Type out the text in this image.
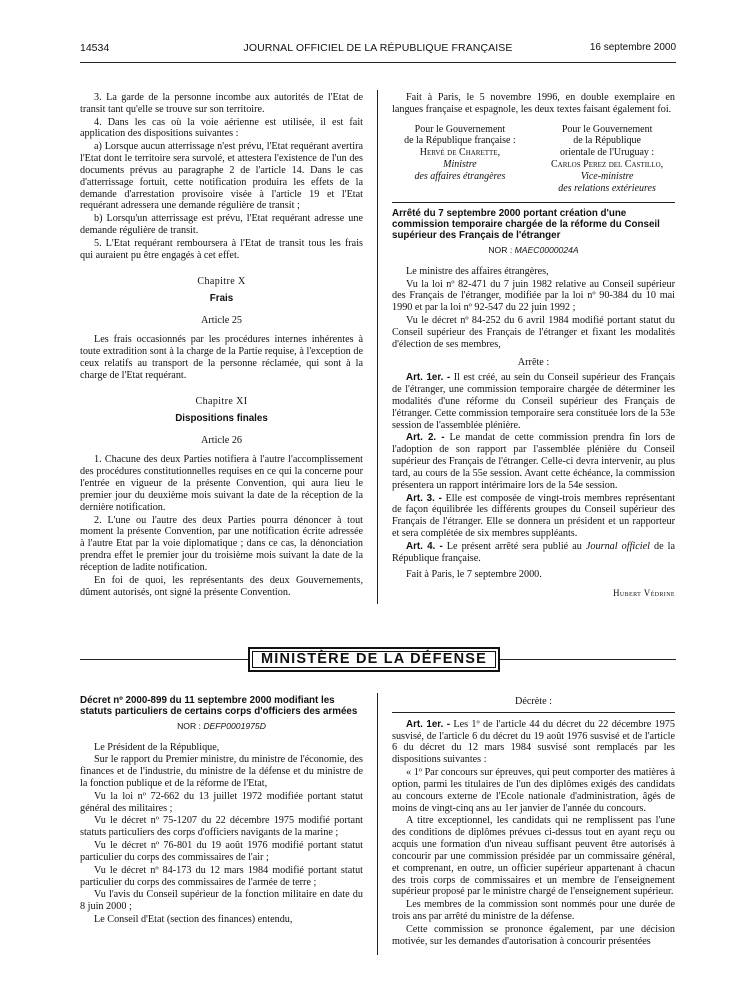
14534	JOURNAL OFFICIEL DE LA RÉPUBLIQUE FRANÇAISE	16 septembre 2000

3. La garde de la personne incombe aux autorités de l'Etat de transit tant qu'elle se trouve sur son territoire.

4. Dans les cas où la voie aérienne est utilisée, il est fait application des dispositions suivantes :

a) Lorsque aucun atterrissage n'est prévu, l'Etat requérant avertira l'Etat dont le territoire sera survolé, et attestera l'existence de l'un des documents prévus au paragraphe 2 de l'article 14. Dans le cas d'atterrissage fortuit, cette notification produira les effets de la demande d'arrestation provisoire visée à l'article 19 et l'Etat requérant adressera une demande régulière de transit ;

b) Lorsqu'un atterrissage est prévu, l'Etat requérant adresse une demande régulière de transit.

5. L'Etat requérant remboursera à l'Etat de transit tous les frais qui auraient pu être engagés à cet effet.

Chapitre X
Frais
Article 25

Les frais occasionnés par les procédures internes inhérentes à toute extradition sont à la charge de la Partie requise, à l'exception de ceux relatifs au transport de la personne réclamée, qui sont à la charge de l'Etat requérant.

Chapitre XI
Dispositions finales
Article 26

1. Chacune des deux Parties notifiera à l'autre l'accomplissement des procédures constitutionnelles requises en ce qui la concerne pour l'entrée en vigueur de la présente Convention, qui aura lieu le premier jour du deuxième mois suivant la date de la réception de la dernière notification.

2. L'une ou l'autre des deux Parties pourra dénoncer à tout moment la présente Convention, par une notification écrite adressée à l'autre Etat par la voie diplomatique ; dans ce cas, la dénonciation prendra effet le premier jour du troisième mois suivant la date de la réception de ladite notification.

En foi de quoi, les représentants des deux Gouvernements, dûment autorisés, ont signé la présente Convention.

Fait à Paris, le 5 novembre 1996, en double exemplaire en langues française et espagnole, les deux textes faisant également foi.

Pour le Gouvernement
de la République française :
Hervé de Charette,
Ministre
des affaires étrangères
Pour le Gouvernement
de la République
orientale de l'Uruguay :
Carlos Perez del Castillo,
Vice-ministre
des relations extérieures
Arrêté du 7 septembre 2000 portant création d'une commission temporaire chargée de la réforme du Conseil supérieur des Français de l'étranger
NOR : MAEC0000024A

Le ministre des affaires étrangères,

Vu la loi nº 82-471 du 7 juin 1982 relative au Conseil supérieur des Français de l'étranger, modifiée par la loi nº 90-384 du 10 mai 1990 et par la loi nº 92-547 du 22 juin 1992 ;

Vu le décret nº 84-252 du 6 avril 1984 modifié portant statut du Conseil supérieur des Français de l'étranger et fixant les modalités d'élection de ses membres,

Arrête :

Art. 1er. - Il est créé, au sein du Conseil supérieur des Français de l'étranger, une commission temporaire chargée de déterminer les modalités d'une réforme du Conseil supérieur des Français de l'étranger. Cette commission temporaire sera constituée lors de la 53e session de l'assemblée plénière.

Art. 2. - Le mandat de cette commission prendra fin lors de l'adoption de son rapport par l'assemblée plénière du Conseil supérieur des Français de l'étranger. Celle-ci devra intervenir, au plus tard, au cours de la 55e session. Avant cette échéance, la commission présentera un rapport intérimaire lors de la 54e session.

Art. 3. - Elle est composée de vingt-trois membres représentant de façon équilibrée les différents groupes du Conseil supérieur des Français de l'étranger. Elle se donnera un président et un rapporteur et sera complétée de six membres suppléants.

Art. 4. - Le présent arrêté sera publié au Journal officiel de la République française.

Fait à Paris, le 7 septembre 2000.

Hubert Védrine
MINISTÈRE DE LA DÉFENSE
Décret nº 2000-899 du 11 septembre 2000 modifiant les statuts particuliers de certains corps d'officiers des armées
NOR : DEFP0001975D

Le Président de la République,

Sur le rapport du Premier ministre, du ministre de l'économie, des finances et de l'industrie, du ministre de la défense et du ministre de la fonction publique et de la réforme de l'Etat,

Vu la loi nº 72-662 du 13 juillet 1972 modifiée portant statut général des militaires ;

Vu le décret nº 75-1207 du 22 décembre 1975 modifié portant statuts particuliers des corps d'officiers navigants de la marine ;

Vu le décret nº 76-801 du 19 août 1976 modifié portant statut particulier du corps des commissaires de l'air ;

Vu le décret nº 84-173 du 12 mars 1984 modifié portant statut particulier du corps des commissaires de l'armée de terre ;

Vu l'avis du Conseil supérieur de la fonction militaire en date du 8 juin 2000 ;

Le Conseil d'Etat (section des finances) entendu,

Décrète :

Art. 1er. - Les 1º de l'article 44 du décret du 22 décembre 1975 susvisé, de l'article 6 du décret du 19 août 1976 susvisé et de l'article 6 du décret du 12 mars 1984 susvisé sont remplacés par les dispositions suivantes :

« 1º Par concours sur épreuves, qui peut comporter des matières à option, parmi les titulaires de l'un des diplômes exigés des candidats au concours externe de l'Ecole nationale d'administration, âgés de moins de vingt-cinq ans au 1er janvier de l'année du concours.

A titre exceptionnel, les candidats qui ne remplissent pas l'une des conditions de diplômes prévues ci-dessus tout en ayant reçu ou acquis une formation d'un niveau suffisant peuvent être autorisés à concourir par une commission présidée par un commissaire général, et comprenant, en outre, un officier supérieur appartenant à chacun des trois corps de commissaires et un membre de l'enseignement supérieur proposé par le ministre chargé de l'enseignement supérieur.

Les membres de la commission sont nommés pour une durée de trois ans par arrêté du ministre de la défense.

Cette commission se prononce également, par une décision motivée, sur les demandes d'autorisation à concourir présentées
